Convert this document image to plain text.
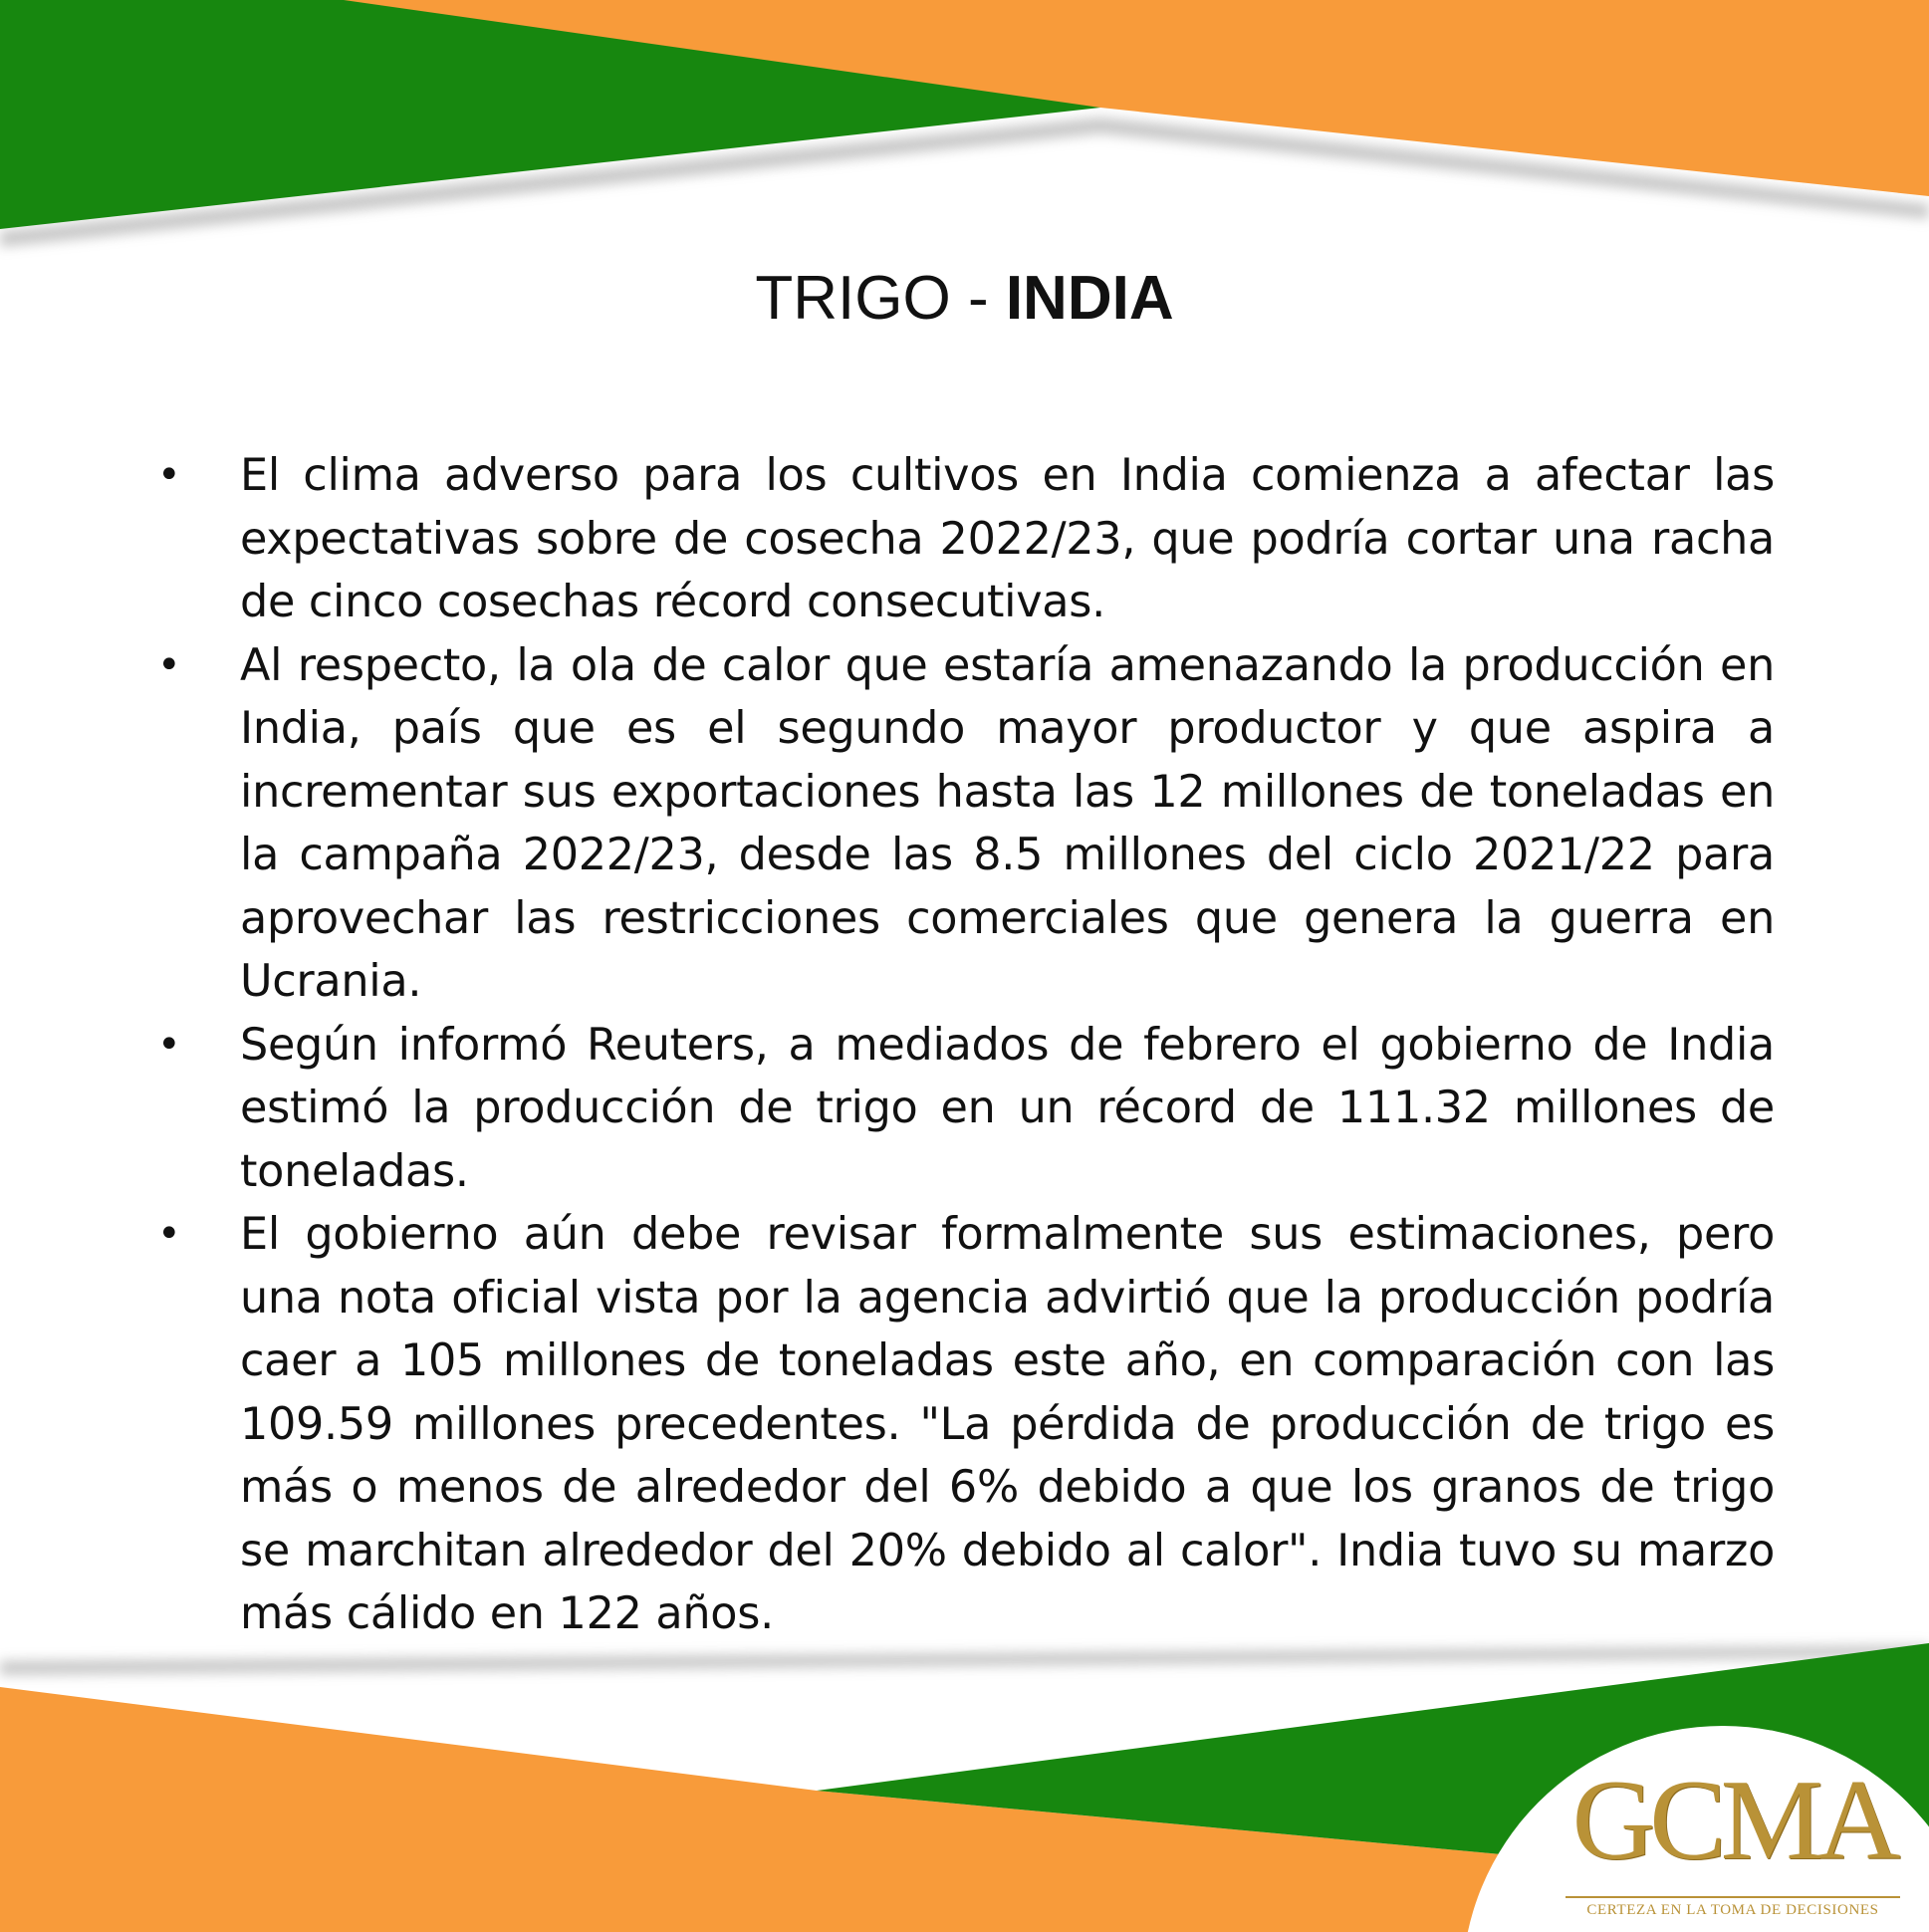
TRIGO - INDIA
• El clima adverso para los cultivos en India comienza a afectar las expectativas sobre de cosecha 2022/23, que podría cortar una racha de cinco cosechas récord consecutivas.
• Al respecto, la ola de calor que estaría amenazando la producción en India, país que es el segundo mayor productor y que aspira a incrementar sus exportaciones hasta las 12 millones de toneladas en la campaña 2022/23, desde las 8.5 millones del ciclo 2021/22 para aprovechar las restricciones comerciales que genera la guerra en Ucrania.
• Según informó Reuters, a mediados de febrero el gobierno de India estimó la producción de trigo en un récord de 111.32 millones de toneladas.
• El gobierno aún debe revisar formalmente sus estimaciones, pero una nota oficial vista por la agencia advirtió que la producción podría caer a 105 millones de toneladas este año, en comparación con las 109.59 millones precedentes. "La pérdida de producción de trigo es más o menos de alrededor del 6% debido a que los granos de trigo se marchitan alrededor del 20% debido al calor". India tuvo su marzo más cálido en 122 años.
GCMA
CERTEZA EN LA TOMA DE DECISIONES
